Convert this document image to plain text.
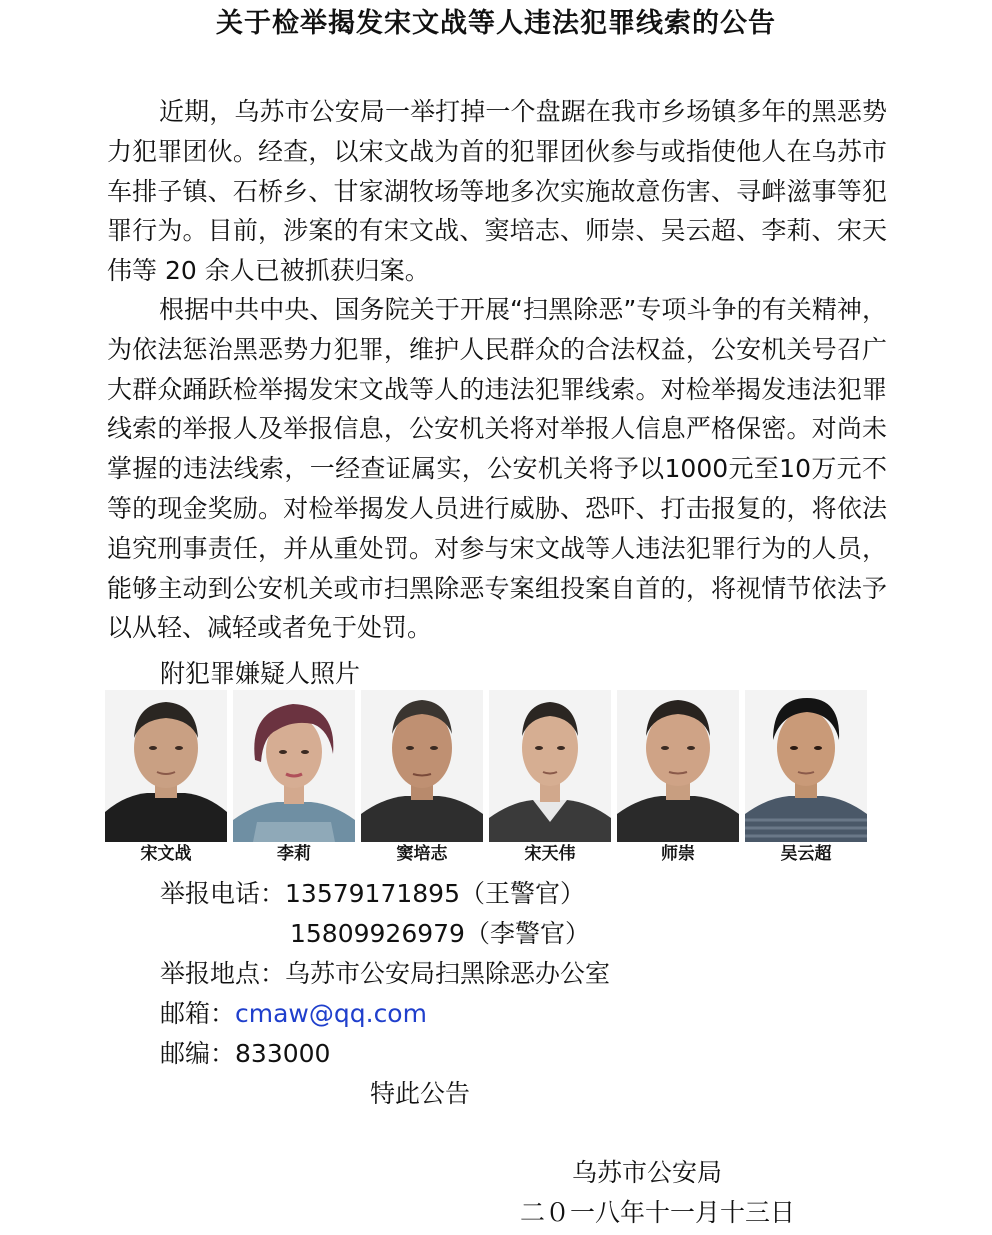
关于检举揭发宋文战等人违法犯罪线索的公告

近期，乌苏市公安局一举打掉一个盘踞在我市乡场镇多年的黑恶势力犯罪团伙。经查，以宋文战为首的犯罪团伙参与或指使他人在乌苏市车排子镇、石桥乡、甘家湖牧场等地多次实施故意伤害、寻衅滋事等犯罪行为。目前，涉案的有宋文战、窦培志、师崇、吴云超、李莉、宋天伟等 20 余人已被抓获归案。

根据中共中央、国务院关于开展“扫黑除恶”专项斗争的有关精神，为依法惩治黑恶势力犯罪，维护人民群众的合法权益，公安机关号召广大群众踊跃检举揭发宋文战等人的违法犯罪线索。对检举揭发违法犯罪线索的举报人及举报信息，公安机关将对举报人信息严格保密。对尚未掌握的违法线索，一经查证属实，公安机关将予以1000元至10万元不等的现金奖励。对检举揭发人员进行威胁、恐吓、打击报复的，将依法追究刑事责任，并从重处罚。对参与宋文战等人违法犯罪行为的人员，能够主动到公安机关或市扫黑除恶专案组投案自首的，将视情节依法予以从轻、减轻或者免于处罚。

附犯罪嫌疑人照片
宋文战	李莉	窦培志	宋天伟	师崇	吴云超
举报电话：13579171895（王警官）
15809926979（李警官）
举报地点：乌苏市公安局扫黑除恶办公室
邮箱：cmaw@qq.com
邮编：833000
特此公告
乌苏市公安局
二０一八年十一月十三日
